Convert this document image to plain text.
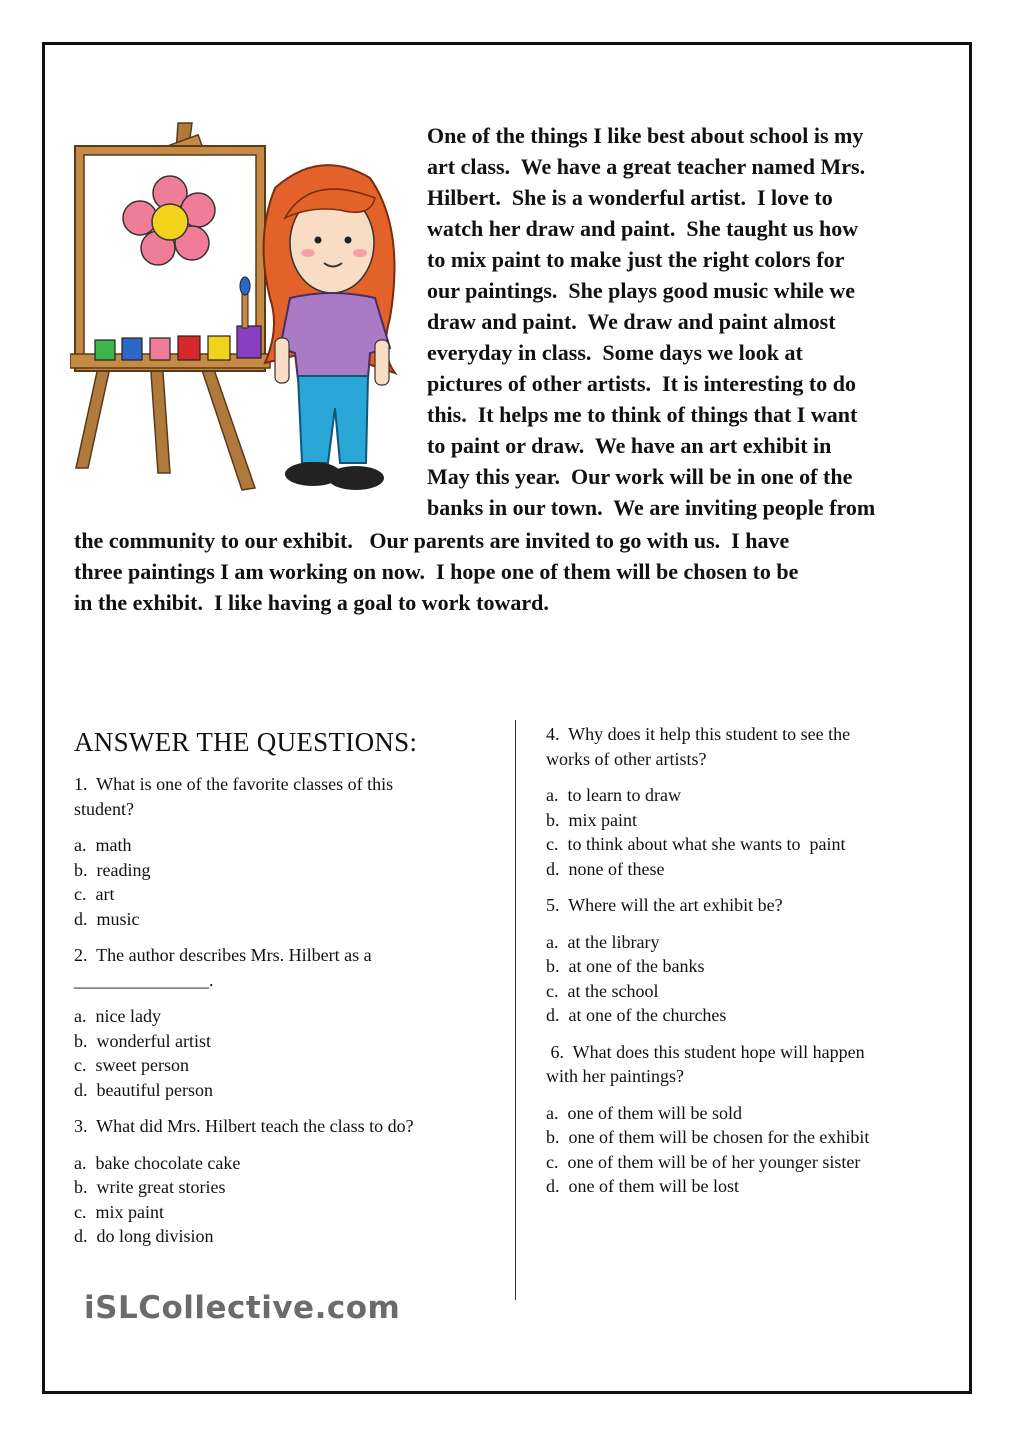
One of the things I like best about school is my
art class.  We have a great teacher named Mrs.
Hilbert.  She is a wonderful artist.  I love to
watch her draw and paint.  She taught us how
to mix paint to make just the right colors for
our paintings.  She plays good music while we
draw and paint.  We draw and paint almost
everyday in class.  Some days we look at
pictures of other artists.  It is interesting to do
this.  It helps me to think of things that I want
to paint or draw.  We have an art exhibit in
May this year.  Our work will be in one of the
banks in our town.  We are inviting people from
the community to our exhibit.   Our parents are invited to go with us.  I have
three paintings I am working on now.  I hope one of them will be chosen to be
in the exhibit.  I like having a goal to work toward.
ANSWER THE QUESTIONS:
1.  What is one of the favorite classes of this
student?
a.  math
b.  reading
c.  art
d.  music
2.  The author describes Mrs. Hilbert as a
_______________.
a.  nice lady
b.  wonderful artist
c.  sweet person
d.  beautiful person
3.  What did Mrs. Hilbert teach the class to do?
a.  bake chocolate cake
b.  write great stories
c.  mix paint
d.  do long division
4.  Why does it help this student to see the
works of other artists?
a.  to learn to draw
b.  mix paint
c.  to think about what she wants to  paint
d.  none of these
5.  Where will the art exhibit be?
a.  at the library
b.  at one of the banks
c.  at the school
d.  at one of the churches
6.  What does this student hope will happen
with her paintings?
a.  one of them will be sold
b.  one of them will be chosen for the exhibit
c.  one of them will be of her younger sister
d.  one of them will be lost
iSLCollective.com
